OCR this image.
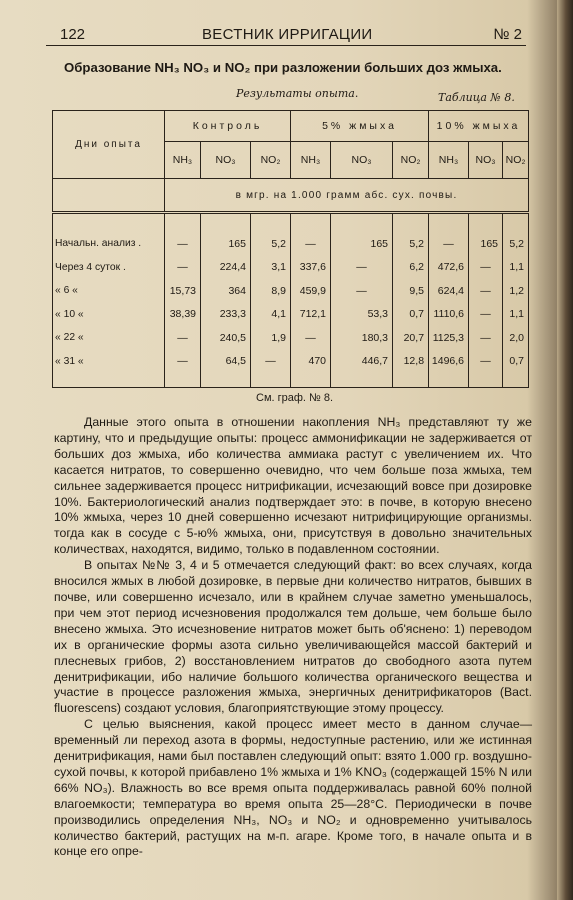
122	ВЕСТНИК ИРРИГАЦИИ	№ 2
Образование NH₃ NO₃ и NO₂ при разложении больших доз жмыха.
Результаты опыта.	Таблица № 8.
Дни опыта	Контроль			5% жмыха			10% жмыха		
	NH₃	NO₃	NO₂	NH₃	NO₃	NO₂	NH₃	NO₃	NO₂
	в мгр. на 1.000 грамм абс. сух. почвы.								
Начальн. анализ .	—	165	5,2	—	165	5,2	—	165	5,2
Через 4 суток .	—	224,4	3,1	337,6	—	6,2	472,6	—	1,1
« 6 «	15,73	364	8,9	459,9	—	9,5	624,4	—	1,2
« 10 «	38,39	233,3	4,1	712,1	53,3	0,7	1110,6	—	1,1
« 22 «	—	240,5	1,9	—	180,3	20,7	1125,3	—	2,0
« 31 «	—	64,5	—	470	446,7	12,8	1496,6	—	0,7
См. граф. № 8.

Данные этого опыта в отношении накопления NH₃ представляют ту же картину, что и предыдущие опыты: процесс аммонификации не задерживается от больших доз жмыха, ибо количества аммиака растут с увеличением их. Что касается нитратов, то совершенно очевидно, что чем больше поза жмыха, тем сильнее задерживается процесс нитрификации, исчезающий вовсе при дозировке 10%. Бактериологический анализ подтверждает это: в почве, в которую внесено 10% жмыха, через 10 дней совершенно исчезают нитрифицирующие организмы. тогда как в сосуде с 5-ю% жмыха, они, присутствуя в довольно значительных количествах, находятся, видимо, только в подавленном состоянии.

В опытах №№ 3, 4 и 5 отмечается следующий факт: во всех случаях, когда вносился жмых в любой дозировке, в первые дни количество нитратов, бывших в почве, или совершенно исчезало, или в крайнем случае заметно уменьшалось, при чем этот период исчезновения продолжался тем дольше, чем больше было внесено жмыха. Это исчезновение нитратов может быть об'яснено: 1) переводом их в органические формы азота сильно увеличивающейся массой бактерий и плесневых грибов, 2) восстановлением нитратов до свободного азота путем денитрификации, ибо наличие большого количества органического вещества и участие в процессе разложения жмыха, энергичных денитрификаторов (Bact. fluorescens) создают условия, благоприятствующие этому процессу.

С целью выяснения, какой процесс имеет место в данном случае—временный ли переход азота в формы, недоступные растению, или же истинная денитрификация, нами был поставлен следующий опыт: взято 1.000 гр. воздушно-сухой почвы, к которой прибавлено 1% жмыха и 1% KNO₃ (содержащей 15% N или 66% NO₃). Влажность во все время опыта поддерживалась равной 60% полной влагоемкости; температура во время опыта 25—28°C. Периодически в почве производились определения NH₃, NO₃ и NO₂ и одновременно учитывалось количество бактерий, растущих на м-п. агаре. Кроме того, в начале опыта и в конце его опре-
